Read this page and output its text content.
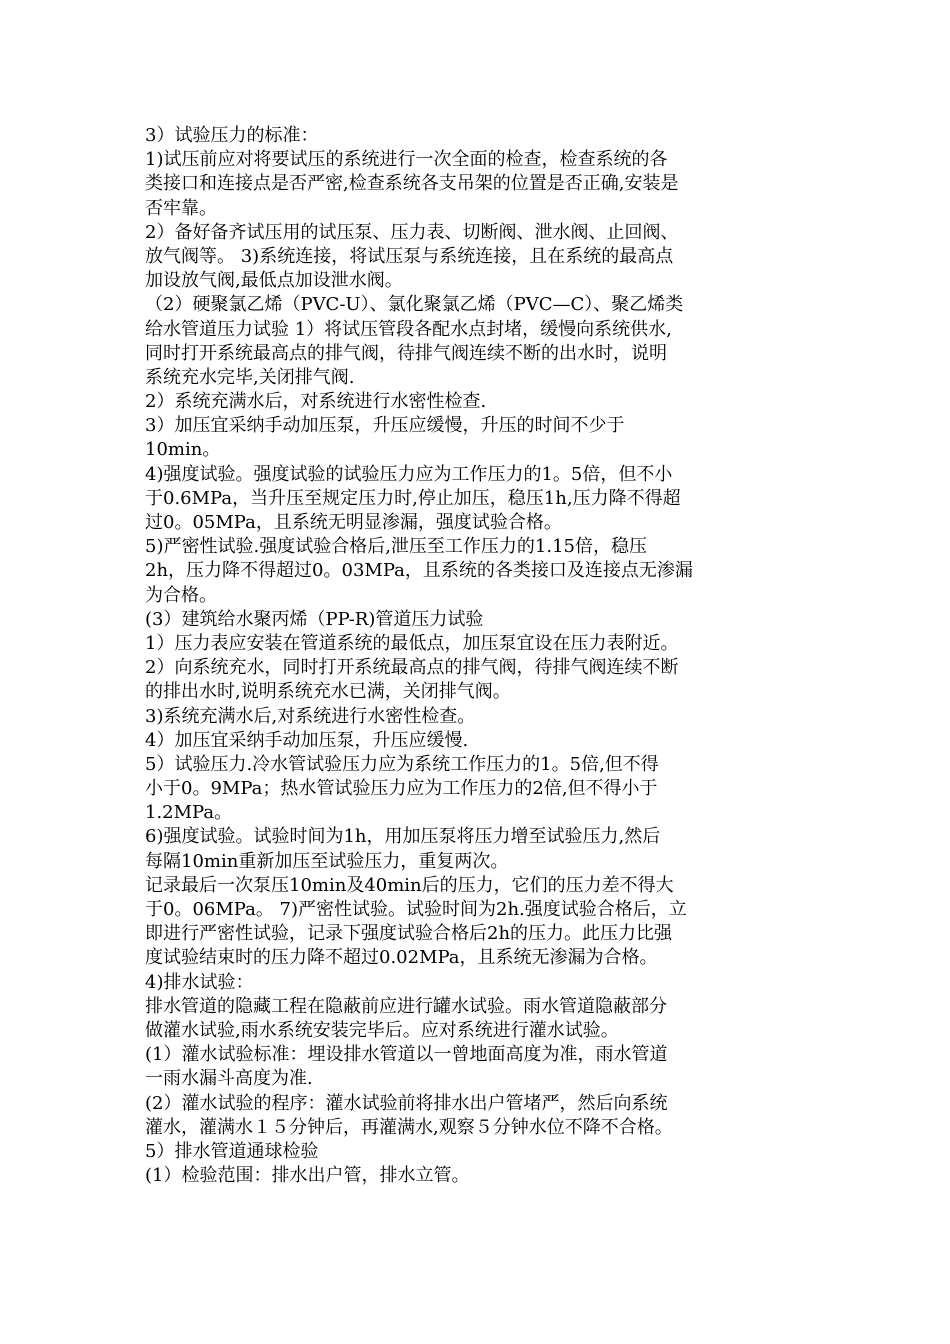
3）试验压力的标准：
1)试压前应对将要试压的系统进行一次全面的检查，检查系统的各
类接口和连接点是否严密,检查系统各支吊架的位置是否正确,安装是
否牢靠。
2）备好备齐试压用的试压泵、压力表、切断阀、泄水阀、止回阀、
放气阀等。 3)系统连接，将试压泵与系统连接，且在系统的最高点
加设放气阀,最低点加设泄水阀。
（2）硬聚氯乙烯（PVC-U）、氯化聚氯乙烯（PVC—C）、聚乙烯类
给水管道压力试验 1）将试压管段各配水点封堵，缓慢向系统供水,
同时打开系统最高点的排气阀，待排气阀连续不断的出水时，说明
系统充水完毕,关闭排气阀.
2）系统充满水后，对系统进行水密性检查.
3）加压宜采纳手动加压泵，升压应缓慢，升压的时间不少于
10min。
4)强度试验。强度试验的试验压力应为工作压力的1。5倍，但不小
于0.6MPa，当升压至规定压力时,停止加压，稳压1h,压力降不得超
过0。05MPa，且系统无明显渗漏，强度试验合格。
5)严密性试验.强度试验合格后,泄压至工作压力的1.15倍，稳压
2h，压力降不得超过0。03MPa，且系统的各类接口及连接点无渗漏
为合格。
(3）建筑给水聚丙烯（PP-R)管道压力试验
1）压力表应安装在管道系统的最低点，加压泵宜设在压力表附近。
2）向系统充水，同时打开系统最高点的排气阀，待排气阀连续不断
的排出水时,说明系统充水已满，关闭排气阀。
3)系统充满水后,对系统进行水密性检查。
4）加压宜采纳手动加压泵，升压应缓慢.
5）试验压力.冷水管试验压力应为系统工作压力的1。5倍,但不得
小于0。9MPa；热水管试验压力应为工作压力的2倍,但不得小于
1.2MPa。
6)强度试验。试验时间为1h，用加压泵将压力增至试验压力,然后
每隔10min重新加压至试验压力，重复两次。
记录最后一次泵压10min及40min后的压力，它们的压力差不得大
于0。06MPa。 7)严密性试验。试验时间为2h.强度试验合格后，立
即进行严密性试验，记录下强度试验合格后2h的压力。此压力比强
度试验结束时的压力降不超过0.02MPa，且系统无渗漏为合格。
4)排水试验：
排水管道的隐藏工程在隐蔽前应进行罐水试验。雨水管道隐蔽部分
做灌水试验,雨水系统安装完毕后。应对系统进行灌水试验。
(1）灌水试验标准：埋设排水管道以一曾地面高度为准，雨水管道
一雨水漏斗高度为准.
(2）灌水试验的程序：灌水试验前将排水出户管堵严，然后向系统
灌水，灌满水１５分钟后，再灌满水,观察５分钟水位不降不合格。
5）排水管道通球检验
(1）检验范围：排水出户管，排水立管。
